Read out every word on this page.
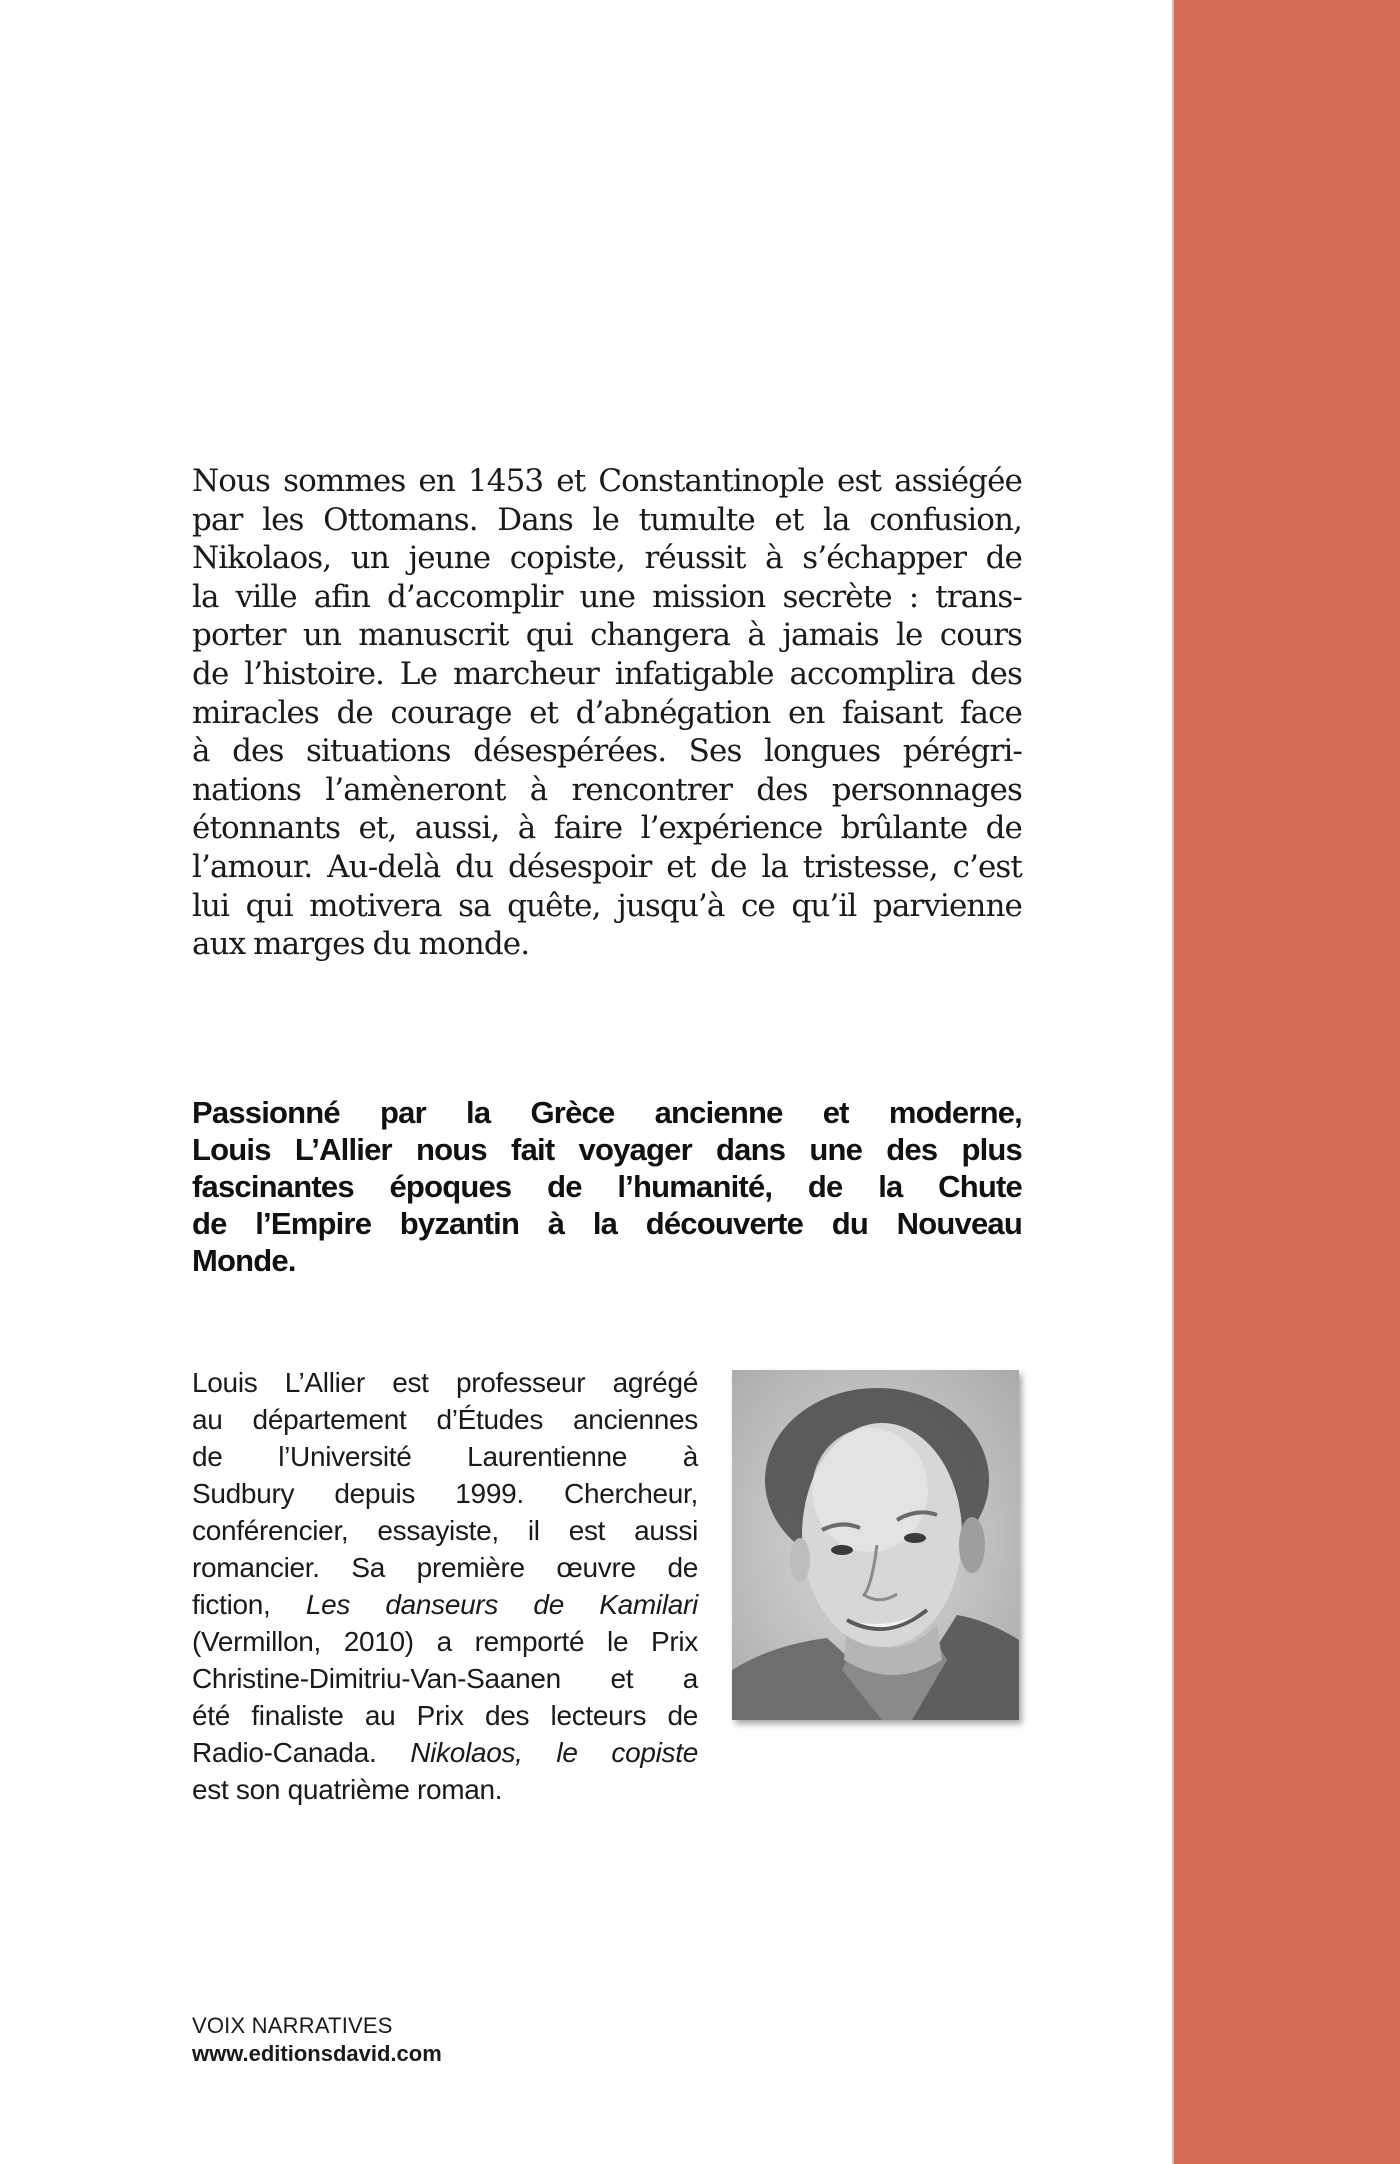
Nous sommes en 1453 et Constantinople est assiégée
par les Ottomans. Dans le tumulte et la confusion,
Nikolaos, un jeune copiste, réussit à s’échapper de
la ville afin d’accomplir une mission secrète : trans-
porter un manuscrit qui changera à jamais le cours
de l’histoire. Le marcheur infatigable accomplira des
miracles de courage et d’abnégation en faisant face
à des situations désespérées. Ses longues pérégri-
nations l’amèneront à rencontrer des personnages
étonnants et, aussi, à faire l’expérience brûlante de
l’amour. Au-delà du désespoir et de la tristesse, c’est
lui qui motivera sa quête, jusqu’à ce qu’il parvienne
aux marges du monde.
Passionné par la Grèce ancienne et moderne,
Louis L’Allier nous fait voyager dans une des plus
fascinantes époques de l’humanité, de la Chute
de l’Empire byzantin à la découverte du Nouveau
Monde.
Louis L’Allier est professeur agrégé
au département d’Études anciennes
de l’Université Laurentienne à
Sudbury depuis 1999. Chercheur,
conférencier, essayiste, il est aussi
romancier. Sa première œuvre de
fiction, Les danseurs de Kamilari
(Vermillon, 2010) a remporté le Prix
Christine-Dimitriu-Van-Saanen et a
été finaliste au Prix des lecteurs de
Radio-Canada. Nikolaos, le copiste
est son quatrième roman.
VOIX NARRATIVES
www.editionsdavid.com
